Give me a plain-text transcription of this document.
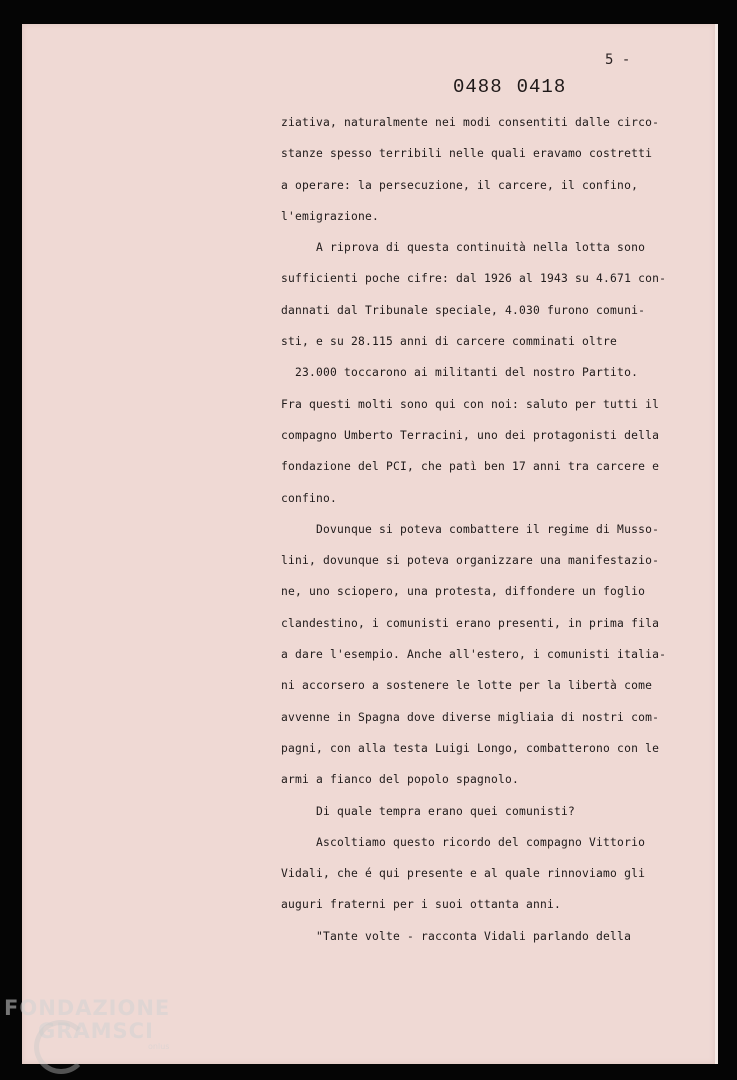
5 -
0488 0418
ziativa, naturalmente nei modi consentiti dalle circo-
stanze spesso terribili nelle quali eravamo costretti
a operare: la persecuzione, il carcere, il confino,
l'emigrazione.
A riprova di questa continuità nella lotta sono
sufficienti poche cifre: dal 1926 al 1943 su 4.671 con-
dannati dal Tribunale speciale, 4.030 furono comuni-
sti, e su 28.115 anni di carcere comminati oltre
23.000 toccarono ai militanti del nostro Partito.
Fra questi molti sono qui con noi: saluto per tutti il
compagno Umberto Terracini, uno dei protagonisti della
fondazione del PCI, che patì ben 17 anni tra carcere e
confino.
Dovunque si poteva combattere il regime di Musso-
lini, dovunque si poteva organizzare una manifestazio-
ne, uno sciopero, una protesta, diffondere un foglio
clandestino, i comunisti erano presenti, in prima fila
a dare l'esempio. Anche all'estero, i comunisti italia-
ni accorsero a sostenere le lotte per la libertà come
avvenne in Spagna dove diverse migliaia di nostri com-
pagni, con alla testa Luigi Longo, combatterono con le
armi a fianco del popolo spagnolo.
Di quale tempra erano quei comunisti?
Ascoltiamo questo ricordo del compagno Vittorio
Vidali, che é qui presente e al quale rinnoviamo gli
auguri fraterni per i suoi ottanta anni.
"Tante volte - racconta Vidali parlando della
FONDAZIONE
GRAMSCI
onlus
